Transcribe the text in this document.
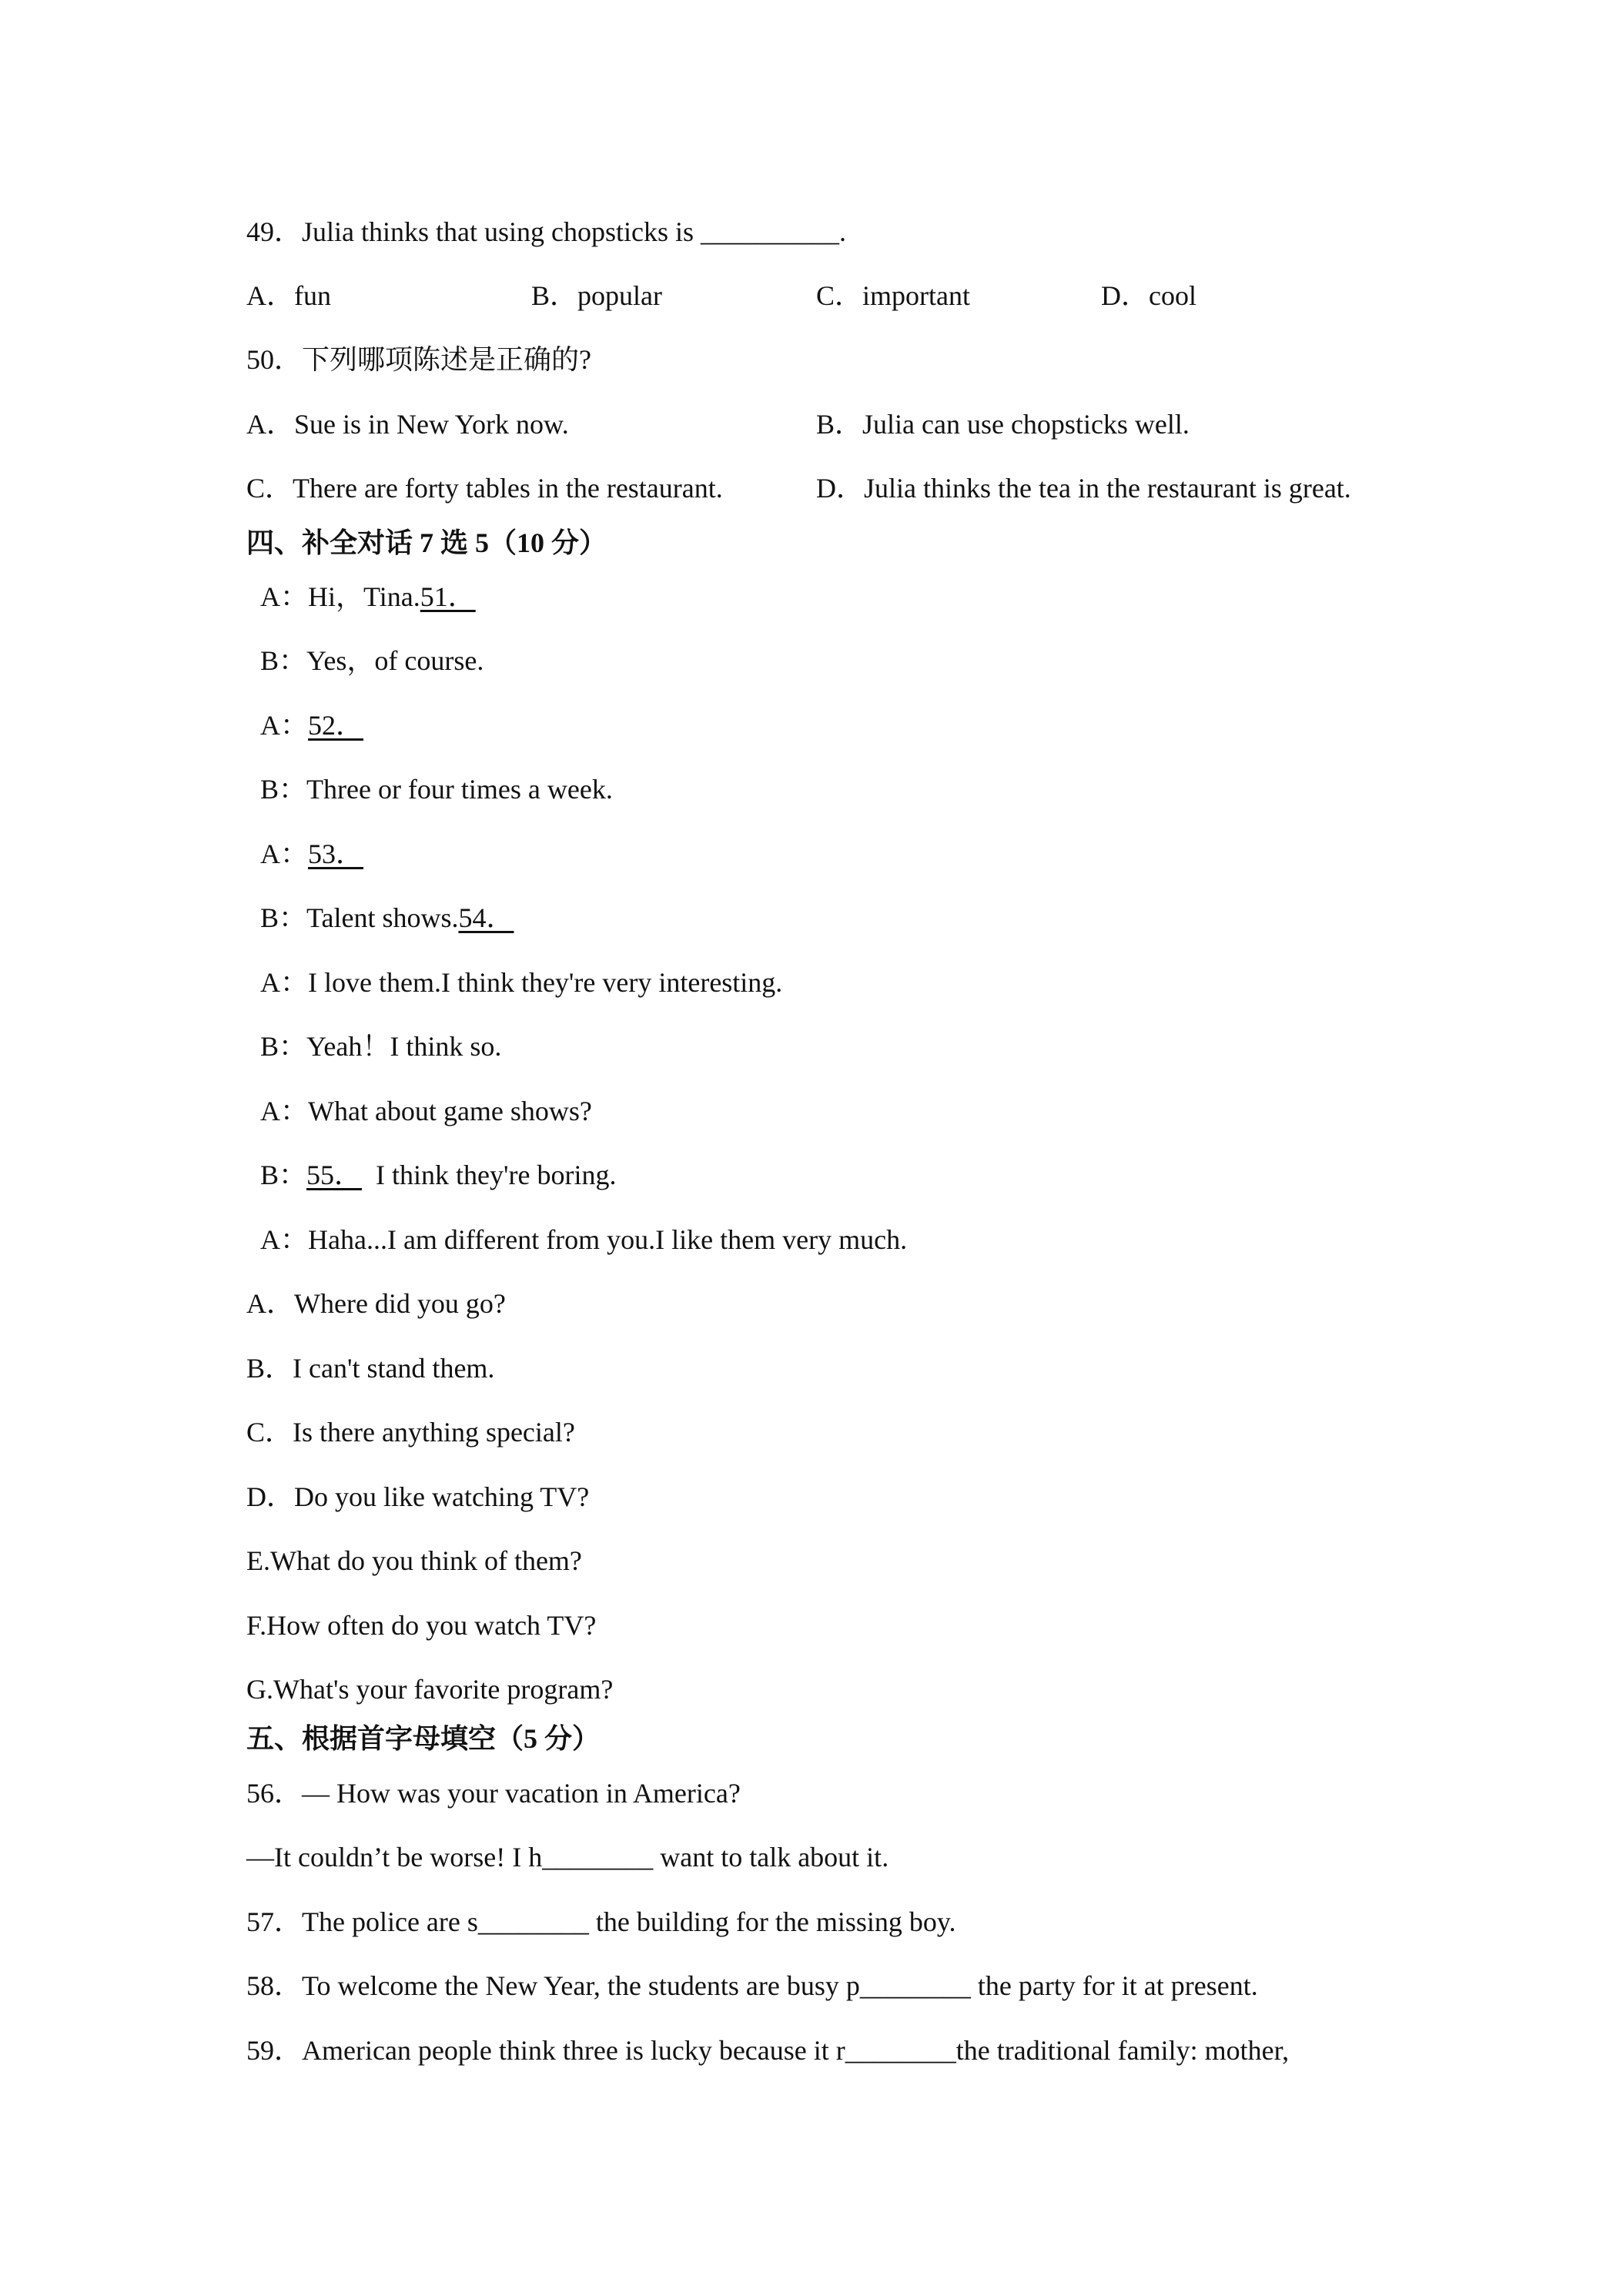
49．Julia thinks that using chopsticks is __________.
A．fun	B．popular	C．important	D．cool
50．下列哪项陈述是正确的?
A．Sue is in New York now.	B．Julia can use chopsticks well.
C．There are forty tables in the restaurant.	D．Julia thinks the tea in the restaurant is great.
四、补全对话 7 选 5（10 分）
A：Hi，Tina.51．
B：Yes，of course.
A：52．
B：Three or four times a week.
A：53．
B：Talent shows.54．
A：I love them.I think they're very interesting.
B：Yeah！I think so.
A：What about game shows?
B：55．  I think they're boring.
A：Haha...I am different from you.I like them very much.
A．Where did you go?
B．I can't stand them.
C．Is there anything special?
D．Do you like watching TV?
E.What do you think of them?
F.How often do you watch TV?
G.What's your favorite program?
五、根据首字母填空（5 分）
56．— How was your vacation in America?
—It couldn’t be worse! I h________ want to talk about it.
57．The police are s________ the building for the missing boy.
58．To welcome the New Year, the students are busy p________ the party for it at present.
59．American people think three is lucky because it r________the traditional family: mother,
